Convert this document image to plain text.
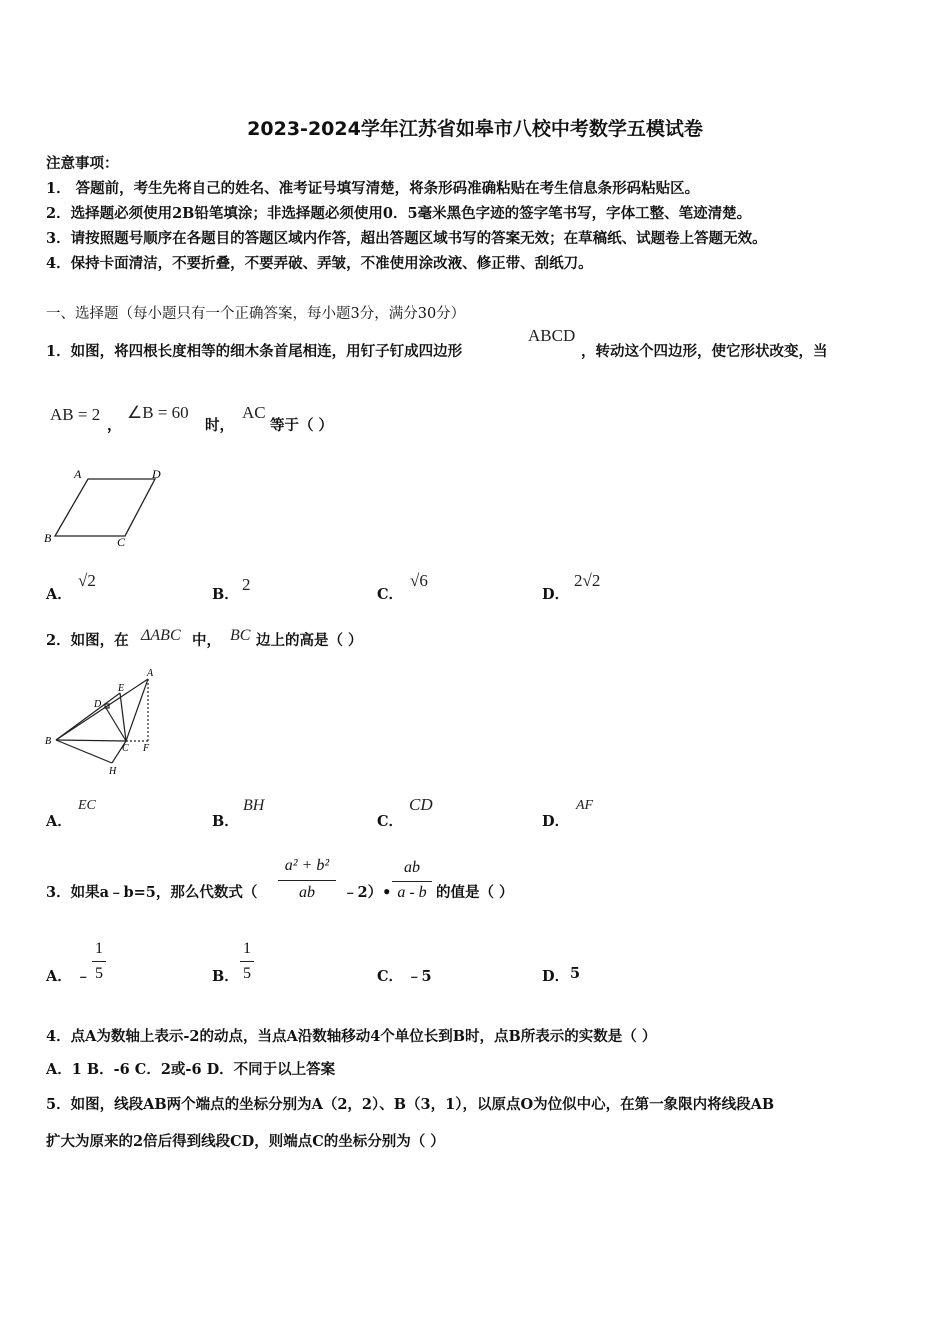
2023-2024学年江苏省如皋市八校中考数学五模试卷
注意事项：
1． 答题前，考生先将自己的姓名、准考证号填写清楚，将条形码准确粘贴在考生信息条形码粘贴区。
2．选择题必须使用2B铅笔填涂；非选择题必须使用0．5毫米黑色字迹的签字笔书写，字体工整、笔迹清楚。
3．请按照题号顺序在各题目的答题区域内作答，超出答题区域书写的答案无效；在草稿纸、试题卷上答题无效。
4．保持卡面清洁，不要折叠，不要弄破、弄皱，不准使用涂改液、修正带、刮纸刀。
一、选择题（每小题只有一个正确答案，每小题3分，满分30分）
1．如图，将四根长度相等的细木条首尾相连，用钉子钉成四边形
ABCD
，转动这个四边形，使它形状改变，当
AB = 2
，
∠B = 60
时，
AC
等于（ ）
A	D
B	C
A．
√2
B．
2
C．
√6
D．
2√2
2．如图，在 ΔABC 中， BC 边上的高是（ ）
A
E
D
B
C F
H
A．
EC
B．
BH
C．
CD
D．
AF
3．如果a﹣b=5，那么代数式（
a² + b²
ab	﹣2）•
ab
a - b 的值是（ ）
A． ﹣
1
5	B．
1
5	C． ﹣5	D． 5
4．点A为数轴上表示-2的动点，当点A沿数轴移动4个单位长到B时，点B所表示的实数是（ ）
A．1 B．-6 C．2或-6 D．不同于以上答案
5．如图，线段AB两个端点的坐标分别为A（2，2）、B（3，1），以原点O为位似中心，在第一象限内将线段AB
扩大为原来的2倍后得到线段CD，则端点C的坐标分别为（ ）
